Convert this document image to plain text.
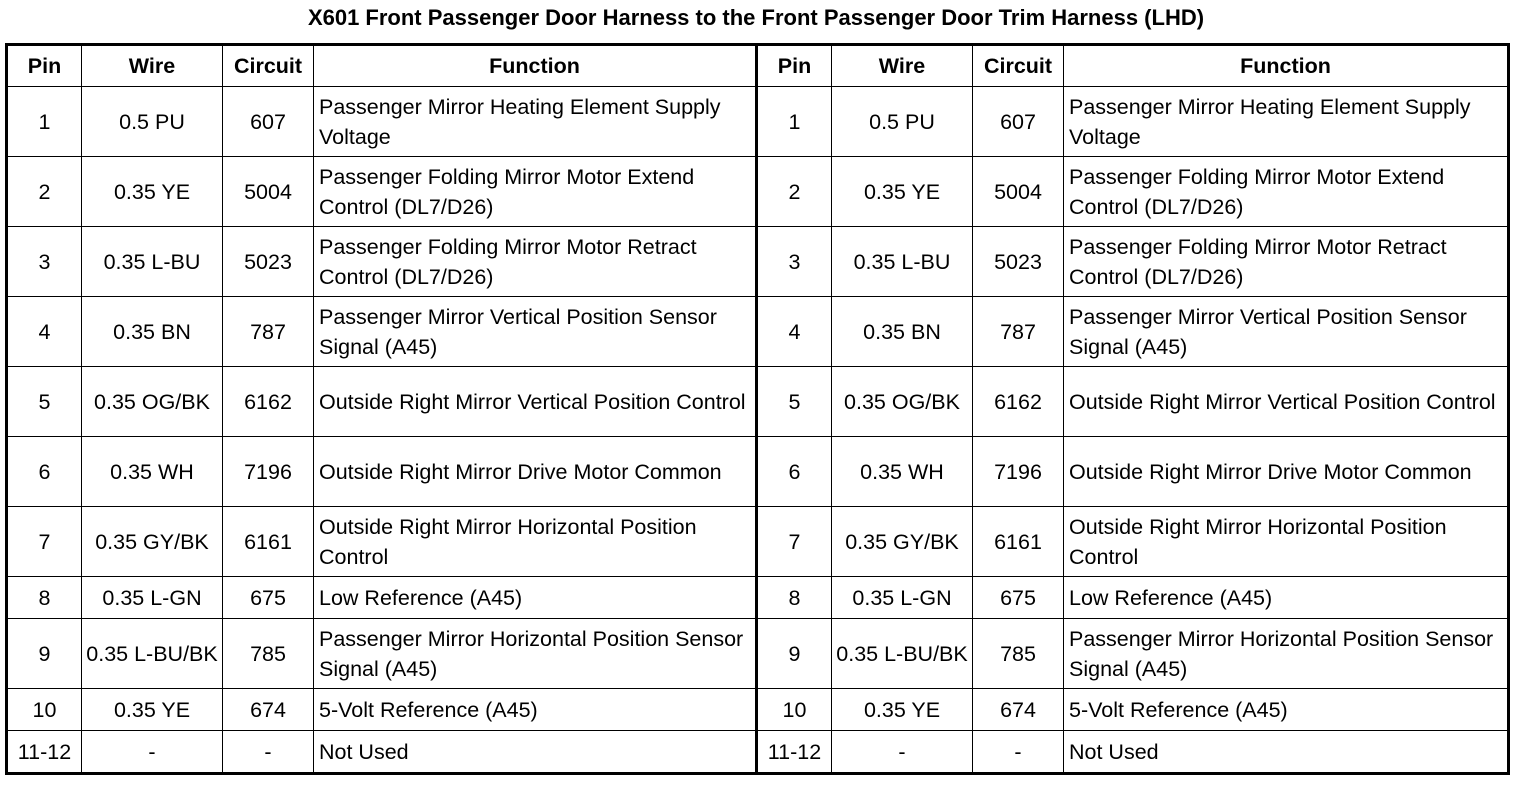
X601 Front Passenger Door Harness to the Front Passenger Door Trim Harness (LHD)
Pin	Wire	Circuit	Function	Pin	Wire	Circuit	Function
1	0.5 PU	607	Passenger Mirror Heating Element Supply Voltage	1	0.5 PU	607	Passenger Mirror Heating Element Supply Voltage
2	0.35 YE	5004	Passenger Folding Mirror Motor Extend Control (DL7/D26)	2	0.35 YE	5004	Passenger Folding Mirror Motor Extend Control (DL7/D26)
3	0.35 L-BU	5023	Passenger Folding Mirror Motor Retract Control (DL7/D26)	3	0.35 L-BU	5023	Passenger Folding Mirror Motor Retract Control (DL7/D26)
4	0.35 BN	787	Passenger Mirror Vertical Position Sensor Signal (A45)	4	0.35 BN	787	Passenger Mirror Vertical Position Sensor Signal (A45)
5	0.35 OG/BK	6162	Outside Right Mirror Vertical Position Control	5	0.35 OG/BK	6162	Outside Right Mirror Vertical Position Control
6	0.35 WH	7196	Outside Right Mirror Drive Motor Common	6	0.35 WH	7196	Outside Right Mirror Drive Motor Common
7	0.35 GY/BK	6161	Outside Right Mirror Horizontal Position Control	7	0.35 GY/BK	6161	Outside Right Mirror Horizontal Position Control
8	0.35 L-GN	675	Low Reference (A45)	8	0.35 L-GN	675	Low Reference (A45)
9	0.35 L-BU/BK	785	Passenger Mirror Horizontal Position Sensor Signal (A45)	9	0.35 L-BU/BK	785	Passenger Mirror Horizontal Position Sensor Signal (A45)
10	0.35 YE	674	5-Volt Reference (A45)	10	0.35 YE	674	5-Volt Reference (A45)
11-12	-	-	Not Used	11-12	-	-	Not Used
